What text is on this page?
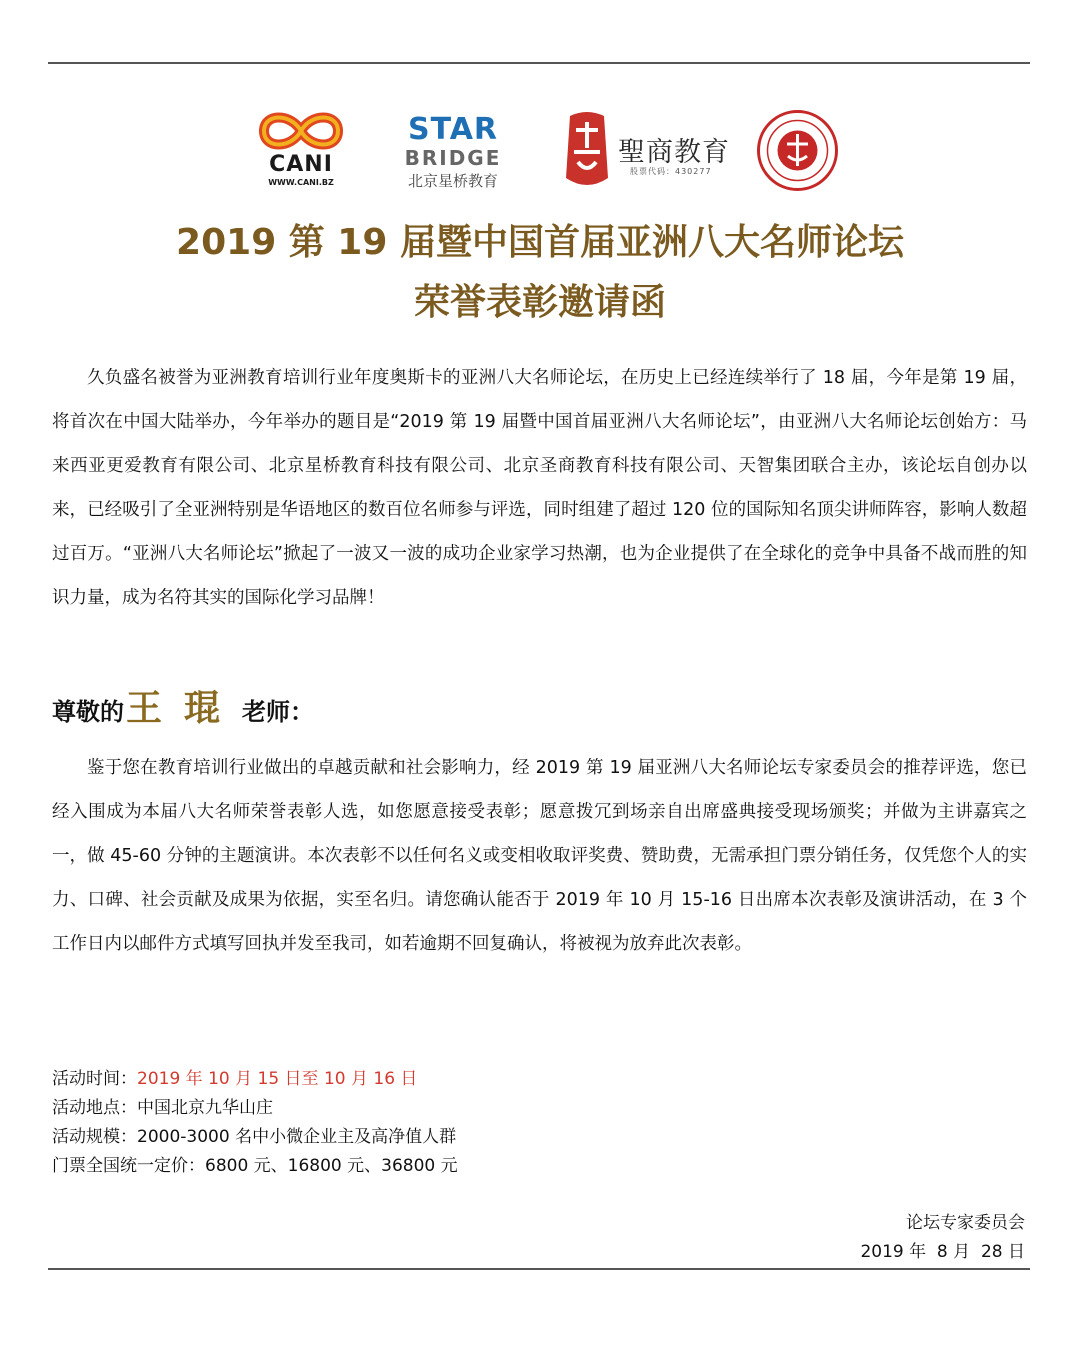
CANI
WWW.CANI.BZ
STAR
BRIDGE
北京星桥教育
聖商教育
股票代码：430277
2019 第 19 届暨中国首届亚洲八大名师论坛
荣誉表彰邀请函
久负盛名被誉为亚洲教育培训行业年度奥斯卡的亚洲八大名师论坛，在历史上已经连续举行了 18 届，今年是第 19 届，将首次在中国大陆举办，今年举办的题目是“2019 第 19 届暨中国首届亚洲八大名师论坛”，由亚洲八大名师论坛创始方：马来西亚更爱教育有限公司、北京星桥教育科技有限公司、北京圣商教育科技有限公司、天智集团联合主办，该论坛自创办以来，已经吸引了全亚洲特别是华语地区的数百位名师参与评选，同时组建了超过 120 位的国际知名顶尖讲师阵容，影响人数超过百万。“亚洲八大名师论坛”掀起了一波又一波的成功企业家学习热潮，也为企业提供了在全球化的竞争中具备不战而胜的知识力量，成为名符其实的国际化学习品牌！
尊敬的王琨老师：
鉴于您在教育培训行业做出的卓越贡献和社会影响力，经 2019 第 19 届亚洲八大名师论坛专家委员会的推荐评选，您已经入围成为本届八大名师荣誉表彰人选，如您愿意接受表彰；愿意拨冗到场亲自出席盛典接受现场颁奖；并做为主讲嘉宾之一，做 45-60 分钟的主题演讲。本次表彰不以任何名义或变相收取评奖费、赞助费，无需承担门票分销任务，仅凭您个人的实力、口碑、社会贡献及成果为依据，实至名归。请您确认能否于 2019 年 10 月 15-16 日出席本次表彰及演讲活动，在 3 个工作日内以邮件方式填写回执并发至我司，如若逾期不回复确认，将被视为放弃此次表彰。
活动时间：2019 年 10 月 15 日至 10 月 16 日
活动地点：中国北京九华山庄
活动规模：2000-3000 名中小微企业主及高净值人群
门票全国统一定价：6800 元、16800 元、36800 元
论坛专家委员会
2019 年  8 月  28 日
